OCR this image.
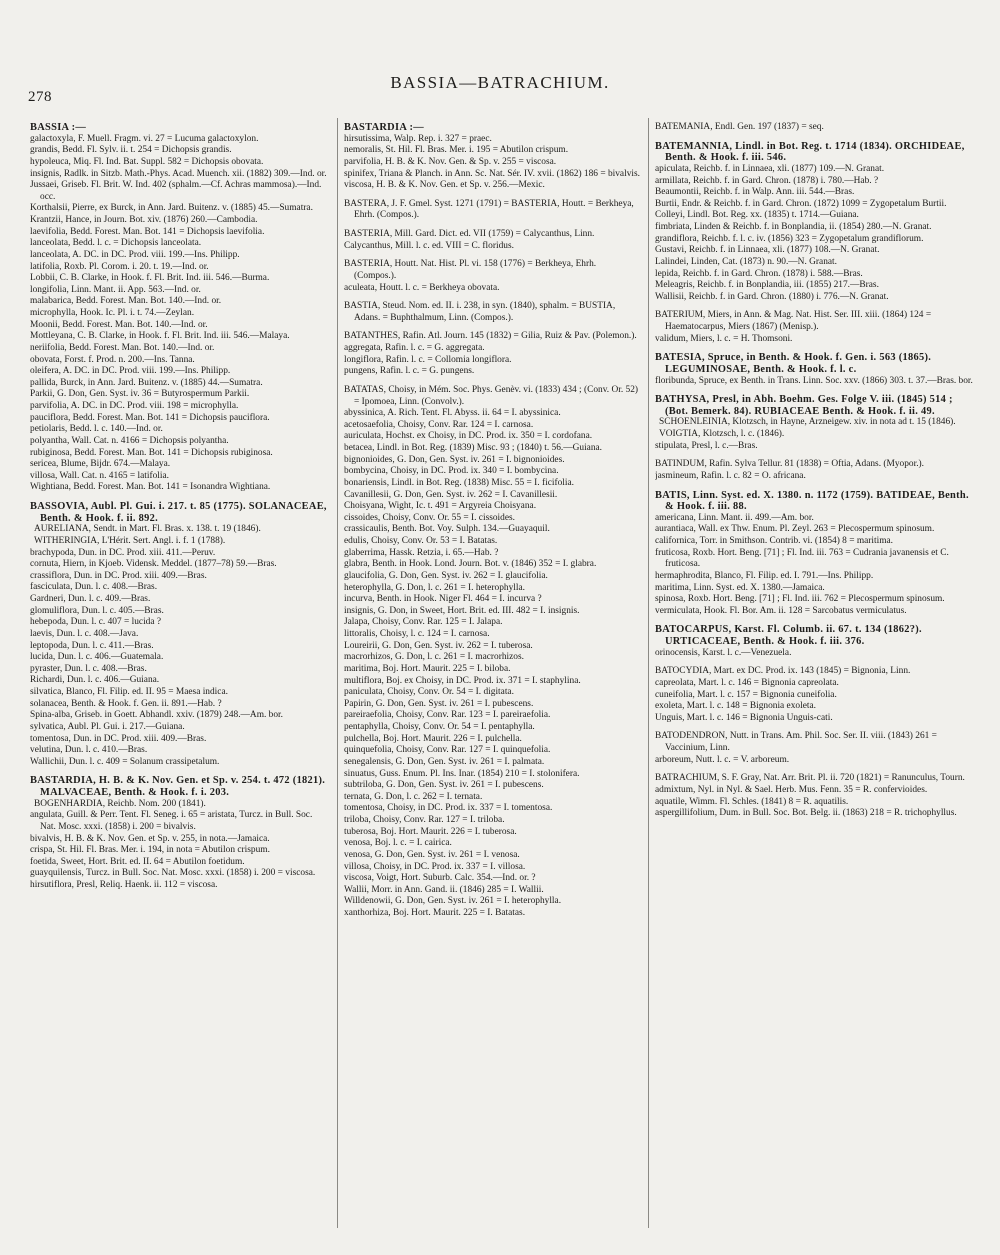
278
BASSIA—BATRACHIUM.

BASSIA :—

galactoxyla, F. Muell. Fragm. vi. 27 = Lucuma galactoxylon.

grandis, Bedd. Fl. Sylv. ii. t. 254 = Dichopsis grandis.

hypoleuca, Miq. Fl. Ind. Bat. Suppl. 582 = Dichopsis obovata.

insignis, Radlk. in Sitzb. Math.-Phys. Acad. Muench. xii. (1882) 309.—Ind. or.

Jussaei, Griseb. Fl. Brit. W. Ind. 402 (sphalm.—Cf. Achras mammosa).—Ind. occ.

Korthalsii, Pierre, ex Burck, in Ann. Jard. Buitenz. v. (1885) 45.—Sumatra.

Krantzii, Hance, in Journ. Bot. xiv. (1876) 260.—Cambodia.

laevifolia, Bedd. Forest. Man. Bot. 141 = Dichopsis laevifolia.

lanceolata, Bedd. l. c. = Dichopsis lanceolata.

lanceolata, A. DC. in DC. Prod. viii. 199.—Ins. Philipp.

latifolia, Roxb. Pl. Corom. i. 20. t. 19.—Ind. or.

Lobbii, C. B. Clarke, in Hook. f. Fl. Brit. Ind. iii. 546.—Burma.

longifolia, Linn. Mant. ii. App. 563.—Ind. or.

malabarica, Bedd. Forest. Man. Bot. 140.—Ind. or.

microphylla, Hook. Ic. Pl. i. t. 74.—Zeylan.

Moonii, Bedd. Forest. Man. Bot. 140.—Ind. or.

Mottleyana, C. B. Clarke, in Hook. f. Fl. Brit. Ind. iii. 546.—Malaya.

neriifolia, Bedd. Forest. Man. Bot. 140.—Ind. or.

obovata, Forst. f. Prod. n. 200.—Ins. Tanna.

oleifera, A. DC. in DC. Prod. viii. 199.—Ins. Philipp.

pallida, Burck, in Ann. Jard. Buitenz. v. (1885) 44.—Sumatra.

Parkii, G. Don, Gen. Syst. iv. 36 = Butyrospermum Parkii.

parvifolia, A. DC. in DC. Prod. viii. 198 = microphylla.

pauciflora, Bedd. Forest. Man. Bot. 141 = Dichopsis pauciflora.

petiolaris, Bedd. l. c. 140.—Ind. or.

polyantha, Wall. Cat. n. 4166 = Dichopsis polyantha.

rubiginosa, Bedd. Forest. Man. Bot. 141 = Dichopsis rubiginosa.

sericea, Blume, Bijdr. 674.—Malaya.

villosa, Wall. Cat. n. 4165 = latifolia.

Wightiana, Bedd. Forest. Man. Bot. 141 = Isonandra Wightiana.

BASSOVIA, Aubl. Pl. Gui. i. 217. t. 85 (1775). SOLANACEAE, Benth. & Hook. f. ii. 892.

AURELIANA, Sendt. in Mart. Fl. Bras. x. 138. t. 19 (1846).

WITHERINGIA, L'Hérit. Sert. Angl. i. f. 1 (1788).

brachypoda, Dun. in DC. Prod. xiii. 411.—Peruv.

cornuta, Hiern, in Kjoeb. Vidensk. Meddel. (1877–78) 59.—Bras.

crassiflora, Dun. in DC. Prod. xiii. 409.—Bras.

fasciculata, Dun. l. c. 408.—Bras.

Gardneri, Dun. l. c. 409.—Bras.

glomuliflora, Dun. l. c. 405.—Bras.

hebepoda, Dun. l. c. 407 = lucida ?

laevis, Dun. l. c. 408.—Java.

leptopoda, Dun. l. c. 411.—Bras.

lucida, Dun. l. c. 406.—Guatemala.

pyraster, Dun. l. c. 408.—Bras.

Richardi, Dun. l. c. 406.—Guiana.

silvatica, Blanco, Fl. Filip. ed. II. 95 = Maesa indica.

solanacea, Benth. & Hook. f. Gen. ii. 891.—Hab. ?

Spina-alba, Griseb. in Goett. Abhandl. xxiv. (1879) 248.—Am. bor.

sylvatica, Aubl. Pl. Gui. i. 217.—Guiana.

tomentosa, Dun. in DC. Prod. xiii. 409.—Bras.

velutina, Dun. l. c. 410.—Bras.

Wallichii, Dun. l. c. 409 = Solanum crassipetalum.

BASTARDIA, H. B. & K. Nov. Gen. et Sp. v. 254. t. 472 (1821). MALVACEAE, Benth. & Hook. f. i. 203.

BOGENHARDIA, Reichb. Nom. 200 (1841).

angulata, Guill. & Perr. Tent. Fl. Seneg. i. 65 = aristata, Turcz. in Bull. Soc. Nat. Mosc. xxxi. (1858) i. 200 = bivalvis.

bivalvis, H. B. & K. Nov. Gen. et Sp. v. 255, in nota.—Jamaica.

crispa, St. Hil. Fl. Bras. Mer. i. 194, in nota = Abutilon crispum.

foetida, Sweet, Hort. Brit. ed. II. 64 = Abutilon foetidum.

guayquilensis, Turcz. in Bull. Soc. Nat. Mosc. xxxi. (1858) i. 200 = viscosa.

hirsutiflora, Presl, Reliq. Haenk. ii. 112 = viscosa.

BASTARDIA :—

hirsutissima, Walp. Rep. i. 327 = praec.

nemoralis, St. Hil. Fl. Bras. Mer. i. 195 = Abutilon crispum.

parvifolia, H. B. & K. Nov. Gen. & Sp. v. 255 = viscosa.

spinifex, Triana & Planch. in Ann. Sc. Nat. Sér. IV. xvii. (1862) 186 = bivalvis.

viscosa, H. B. & K. Nov. Gen. et Sp. v. 256.—Mexic.

BASTERA, J. F. Gmel. Syst. 1271 (1791) = BASTERIA, Houtt. = Berkheya, Ehrh. (Compos.).

BASTERIA, Mill. Gard. Dict. ed. VII (1759) = Calycanthus, Linn.

Calycanthus, Mill. l. c. ed. VIII = C. floridus.

BASTERIA, Houtt. Nat. Hist. Pl. vi. 158 (1776) = Berkheya, Ehrh. (Compos.).

aculeata, Houtt. l. c. = Berkheya obovata.

BASTIA, Steud. Nom. ed. II. i. 238, in syn. (1840), sphalm. = BUSTIA, Adans. = Buphthalmum, Linn. (Compos.).

BATANTHES, Rafin. Atl. Journ. 145 (1832) = Gilia, Ruiz & Pav. (Polemon.).

aggregata, Rafin. l. c. = G. aggregata.

longiflora, Rafin. l. c. = Collomia longiflora.

pungens, Rafin. l. c. = G. pungens.

BATATAS, Choisy, in Mém. Soc. Phys. Genèv. vi. (1833) 434 ; (Conv. Or. 52) = Ipomoea, Linn. (Convolv.).

abyssinica, A. Rich. Tent. Fl. Abyss. ii. 64 = I. abyssinica.

acetosaefolia, Choisy, Conv. Rar. 124 = I. carnosa.

auriculata, Hochst. ex Choisy, in DC. Prod. ix. 350 = I. cordofana.

betacea, Lindl. in Bot. Reg. (1839) Misc. 93 ; (1840) t. 56.—Guiana.

bignonioides, G. Don, Gen. Syst. iv. 261 = I. bignonioides.

bombycina, Choisy, in DC. Prod. ix. 340 = I. bombycina.

bonariensis, Lindl. in Bot. Reg. (1838) Misc. 55 = I. ficifolia.

Cavanillesii, G. Don, Gen. Syst. iv. 262 = I. Cavanillesii.

Choisyana, Wight, Ic. t. 491 = Argyreia Choisyana.

cissoides, Choisy, Conv. Or. 55 = I. cissoides.

crassicaulis, Benth. Bot. Voy. Sulph. 134.—Guayaquil.

edulis, Choisy, Conv. Or. 53 = I. Batatas.

glaberrima, Hassk. Retzia, i. 65.—Hab. ?

glabra, Benth. in Hook. Lond. Journ. Bot. v. (1846) 352 = I. glabra.

glaucifolia, G. Don, Gen. Syst. iv. 262 = I. glaucifolia.

heterophylla, G. Don, l. c. 261 = I. heterophylla.

incurva, Benth. in Hook. Niger Fl. 464 = I. incurva ?

insignis, G. Don, in Sweet, Hort. Brit. ed. III. 482 = I. insignis.

Jalapa, Choisy, Conv. Rar. 125 = I. Jalapa.

littoralis, Choisy, l. c. 124 = I. carnosa.

Loureirii, G. Don, Gen. Syst. iv. 262 = I. tuberosa.

macrorhizos, G. Don, l. c. 261 = I. macrorhizos.

maritima, Boj. Hort. Maurit. 225 = I. biloba.

multiflora, Boj. ex Choisy, in DC. Prod. ix. 371 = I. staphylina.

paniculata, Choisy, Conv. Or. 54 = I. digitata.

Papirin, G. Don, Gen. Syst. iv. 261 = I. pubescens.

pareiraefolia, Choisy, Conv. Rar. 123 = I. pareiraefolia.

pentaphylla, Choisy, Conv. Or. 54 = I. pentaphylla.

pulchella, Boj. Hort. Maurit. 226 = I. pulchella.

quinquefolia, Choisy, Conv. Rar. 127 = I. quinquefolia.

senegalensis, G. Don, Gen. Syst. iv. 261 = I. palmata.

sinuatus, Guss. Enum. Pl. Ins. Inar. (1854) 210 = I. stolonifera.

subtriloba, G. Don, Gen. Syst. iv. 261 = I. pubescens.

ternata, G. Don, l. c. 262 = I. ternata.

tomentosa, Choisy, in DC. Prod. ix. 337 = I. tomentosa.

triloba, Choisy, Conv. Rar. 127 = I. triloba.

tuberosa, Boj. Hort. Maurit. 226 = I. tuberosa.

venosa, Boj. l. c. = I. cairica.

venosa, G. Don, Gen. Syst. iv. 261 = I. venosa.

villosa, Choisy, in DC. Prod. ix. 337 = I. villosa.

viscosa, Voigt, Hort. Suburb. Calc. 354.—Ind. or. ?

Wallii, Morr. in Ann. Gand. ii. (1846) 285 = I. Wallii.

Willdenowii, G. Don, Gen. Syst. iv. 261 = I. heterophylla.

xanthorhiza, Boj. Hort. Maurit. 225 = I. Batatas.

BATEMANIA, Endl. Gen. 197 (1837) = seq.

BATEMANNIA, Lindl. in Bot. Reg. t. 1714 (1834). ORCHIDEAE, Benth. & Hook. f. iii. 546.

apiculata, Reichb. f. in Linnaea, xli. (1877) 109.—N. Granat.

armillata, Reichb. f. in Gard. Chron. (1878) i. 780.—Hab. ?

Beaumontii, Reichb. f. in Walp. Ann. iii. 544.—Bras.

Burtii, Endr. & Reichb. f. in Gard. Chron. (1872) 1099 = Zygopetalum Burtii.

Colleyi, Lindl. Bot. Reg. xx. (1835) t. 1714.—Guiana.

fimbriata, Linden & Reichb. f. in Bonplandia, ii. (1854) 280.—N. Granat.

grandiflora, Reichb. f. l. c. iv. (1856) 323 = Zygopetalum grandiflorum.

Gustavi, Reichb. f. in Linnaea, xli. (1877) 108.—N. Granat.

Lalindei, Linden, Cat. (1873) n. 90.—N. Granat.

lepida, Reichb. f. in Gard. Chron. (1878) i. 588.—Bras.

Meleagris, Reichb. f. in Bonplandia, iii. (1855) 217.—Bras.

Wallisii, Reichb. f. in Gard. Chron. (1880) i. 776.—N. Granat.

BATERIUM, Miers, in Ann. & Mag. Nat. Hist. Ser. III. xiii. (1864) 124 = Haematocarpus, Miers (1867) (Menisp.).

validum, Miers, l. c. = H. Thomsoni.

BATESIA, Spruce, in Benth. & Hook. f. Gen. i. 563 (1865). LEGUMINOSAE, Benth. & Hook. f. l. c.

floribunda, Spruce, ex Benth. in Trans. Linn. Soc. xxv. (1866) 303. t. 37.—Bras. bor.

BATHYSA, Presl, in Abh. Boehm. Ges. Folge V. iii. (1845) 514 ; (Bot. Bemerk. 84). RUBIACEAE Benth. & Hook. f. ii. 49.

SCHOENLEINIA, Klotzsch, in Hayne, Arzneigew. xiv. in nota ad t. 15 (1846).

VOIGTIA, Klotzsch, l. c. (1846).

stipulata, Presl, l. c.—Bras.

BATINDUM, Rafin. Sylva Tellur. 81 (1838) = Oftia, Adans. (Myopor.).

jasmineum, Rafin. l. c. 82 = O. africana.

BATIS, Linn. Syst. ed. X. 1380. n. 1172 (1759). BATIDEAE, Benth. & Hook. f. iii. 88.

americana, Linn. Mant. ii. 499.—Am. bor.

aurantiaca, Wall. ex Thw. Enum. Pl. Zeyl. 263 = Plecospermum spinosum.

californica, Torr. in Smithson. Contrib. vi. (1854) 8 = maritima.

fruticosa, Roxb. Hort. Beng. [71] ; Fl. Ind. iii. 763 = Cudrania javanensis et C. fruticosa.

hermaphrodita, Blanco, Fl. Filip. ed. I. 791.—Ins. Philipp.

maritima, Linn. Syst. ed. X. 1380.—Jamaica.

spinosa, Roxb. Hort. Beng. [71] ; Fl. Ind. iii. 762 = Plecospermum spinosum.

vermiculata, Hook. Fl. Bor. Am. ii. 128 = Sarcobatus vermiculatus.

BATOCARPUS, Karst. Fl. Columb. ii. 67. t. 134 (1862?). URTICACEAE, Benth. & Hook. f. iii. 376.

orinocensis, Karst. l. c.—Venezuela.

BATOCYDIA, Mart. ex DC. Prod. ix. 143 (1845) = Bignonia, Linn.

capreolata, Mart. l. c. 146 = Bignonia capreolata.

cuneifolia, Mart. l. c. 157 = Bignonia cuneifolia.

exoleta, Mart. l. c. 148 = Bignonia exoleta.

Unguis, Mart. l. c. 146 = Bignonia Unguis-cati.

BATODENDRON, Nutt. in Trans. Am. Phil. Soc. Ser. II. viii. (1843) 261 = Vaccinium, Linn.

arboreum, Nutt. l. c. = V. arboreum.

BATRACHIUM, S. F. Gray, Nat. Arr. Brit. Pl. ii. 720 (1821) = Ranunculus, Tourn.

admixtum, Nyl. in Nyl. & Sael. Herb. Mus. Fenn. 35 = R. confervioides.

aquatile, Wimm. Fl. Schles. (1841) 8 = R. aquatilis.

aspergillifolium, Dum. in Bull. Soc. Bot. Belg. ii. (1863) 218 = R. trichophyllus.
